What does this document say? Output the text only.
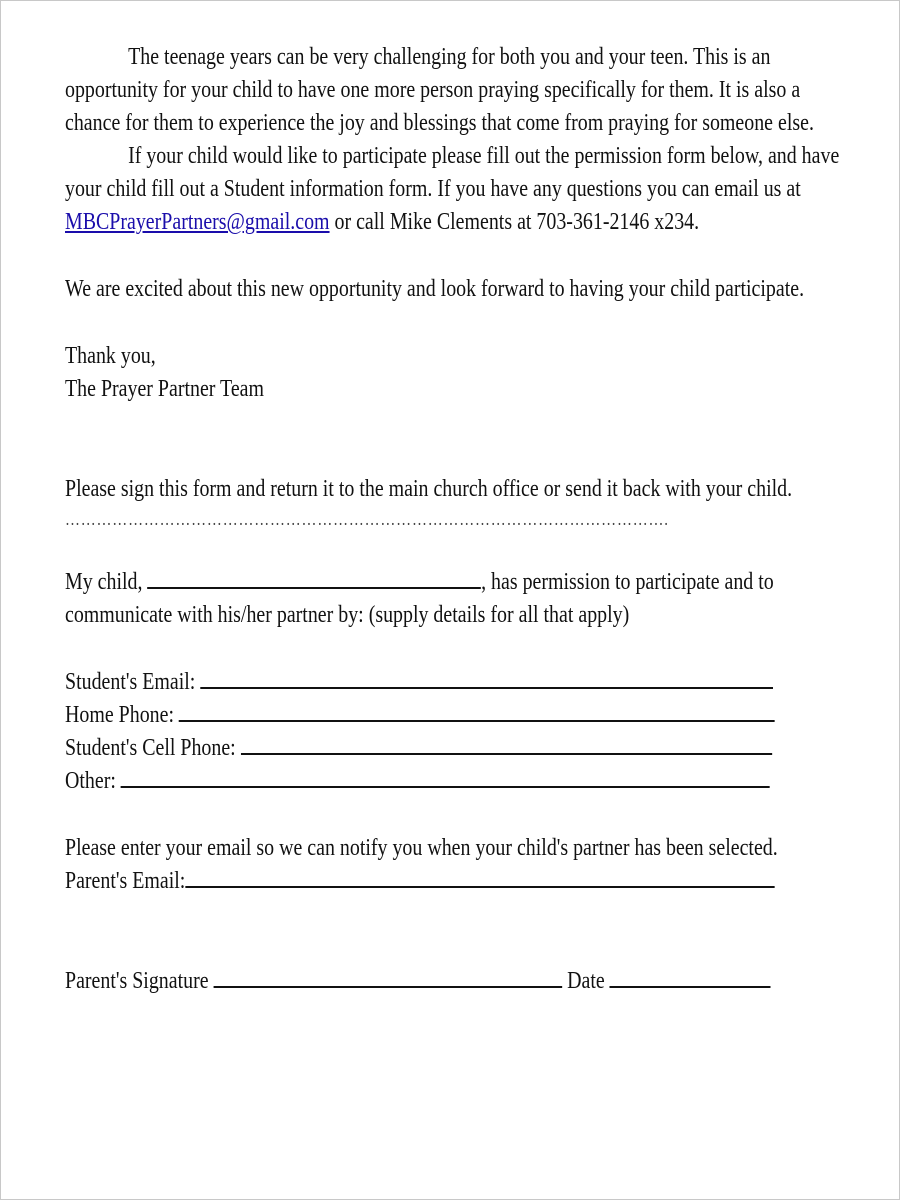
The teenage years can be very challenging for both you and your teen. This is an
opportunity for your child to have one more person praying specifically for them. It is also a
chance for them to experience the joy and blessings that come from praying for someone else.

If your child would like to participate please fill out the permission form below, and have
your child fill out a Student information form. If you have any questions you can email us at
MBCPrayerPartners@gmail.com or call Mike Clements at 703-361-2146 x234.

We are excited about this new opportunity and look forward to having your child participate.

Thank you,
The Prayer Partner Team

Please sign this form and return it to the main church office or send it back with your child.

…………………………………………………………………………………………………….

My child,	, has permission to participate and to
communicate with his/her partner by: (supply details for all that apply)

Student's Email:
Home Phone:
Student's Cell Phone:
Other:

Please enter your email so we can notify you when your child's partner has been selected.
Parent's Email:

Parent's Signature	Date
